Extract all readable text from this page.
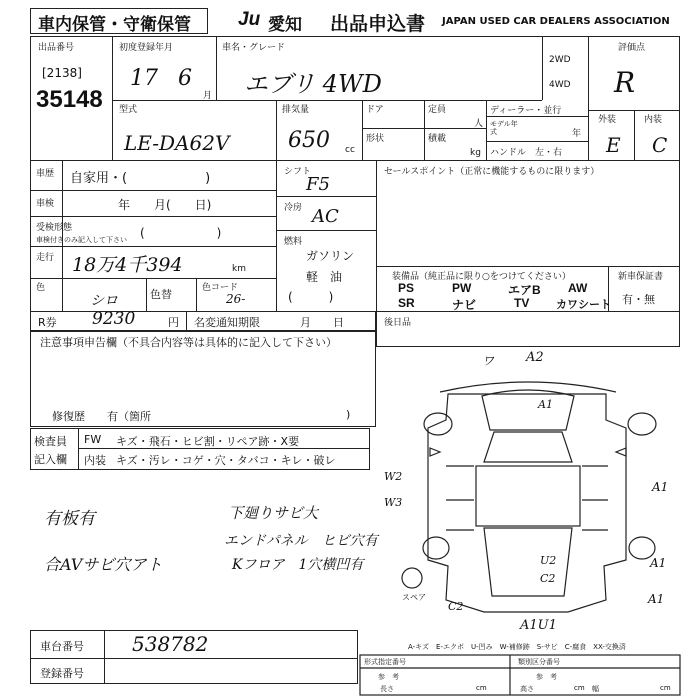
車内保管・守衛保管 Ju 愛知 出品申込書 JAPAN USED CAR DEALERS ASSOCIATION
出品番号
[2138]
35148
初度登録年月
17 6
月
車名・グレード
エブリ 4WD
2WD
4WD
型式
LE-DA62V
排気量
650 cc
ドア
形状
定員
人
積載
kg
ディーラー・並行
モデル年式	年
ハンドル　左・右
評価点
R
外装	内装
E C
車歴 自家用・(　　　　　　)
車検	年　　月(　　日)
受検形態
車検付きのみ記入して下さい (　　　　　　)
走行 18万4千394	km
色
シロ	色替	色コード
26-
シフト
F5
冷房 AC
燃料
ガソリン
軽　油
(　　　)
セールスポイント（正常に機能するものに限ります）
装備品（純正品に限り○をつけてください）	新車保証書
有・無
PS	PW	エアB AW
SR	ナビ	TV カワシート
R券 9230	円 名変通知期限	月　　日	後日品
注意事項申告欄（不具合内容等は具体的に記入して下さい）
修復歴　　有（箇所	)
検査員
記入欄
FW キズ・飛石・ヒビ割・リペア跡・X要
内装 キズ・汚レ・コゲ・穴・タバコ・キレ・破レ
有板有	下廻りサビ大
エンドパネル　ヒビ穴有
合AVサビ穴アト	Kフロア　1穴横凹有
車台番号 538782
登録番号
ワ A2
A1
W2
W3
A1
U2
C2
A1
C2
A1
A1U1
スペア
A-キズ　E-エクボ　U-凹み　W-補修跡　S-サビ　C-腐食　XX-交換済
形式指定番号
参　考
長さ	cm
類別区分番号
参　考
高さ	cm 幅	cm
